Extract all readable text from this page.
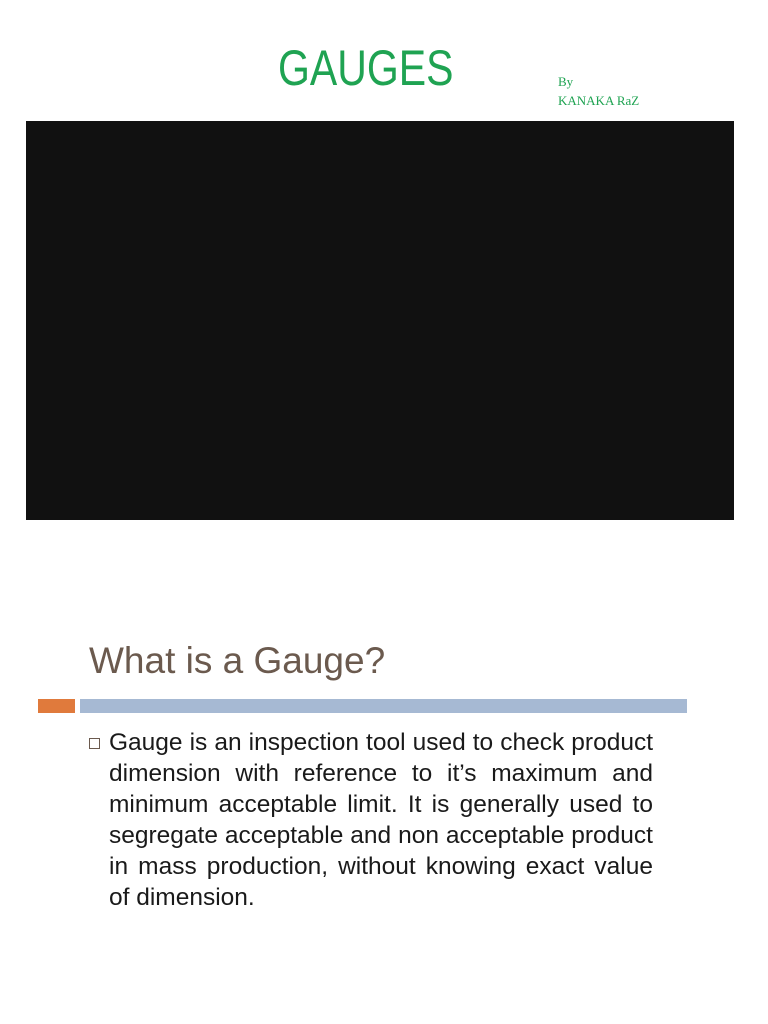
GAUGES	By
KANAKA RaZ
What is a Gauge?
Gauge is an inspection tool used to check product dimension with reference to it’s maximum and minimum acceptable limit. It is generally used to segregate acceptable and non acceptable product in mass production, without knowing exact value of dimension.
